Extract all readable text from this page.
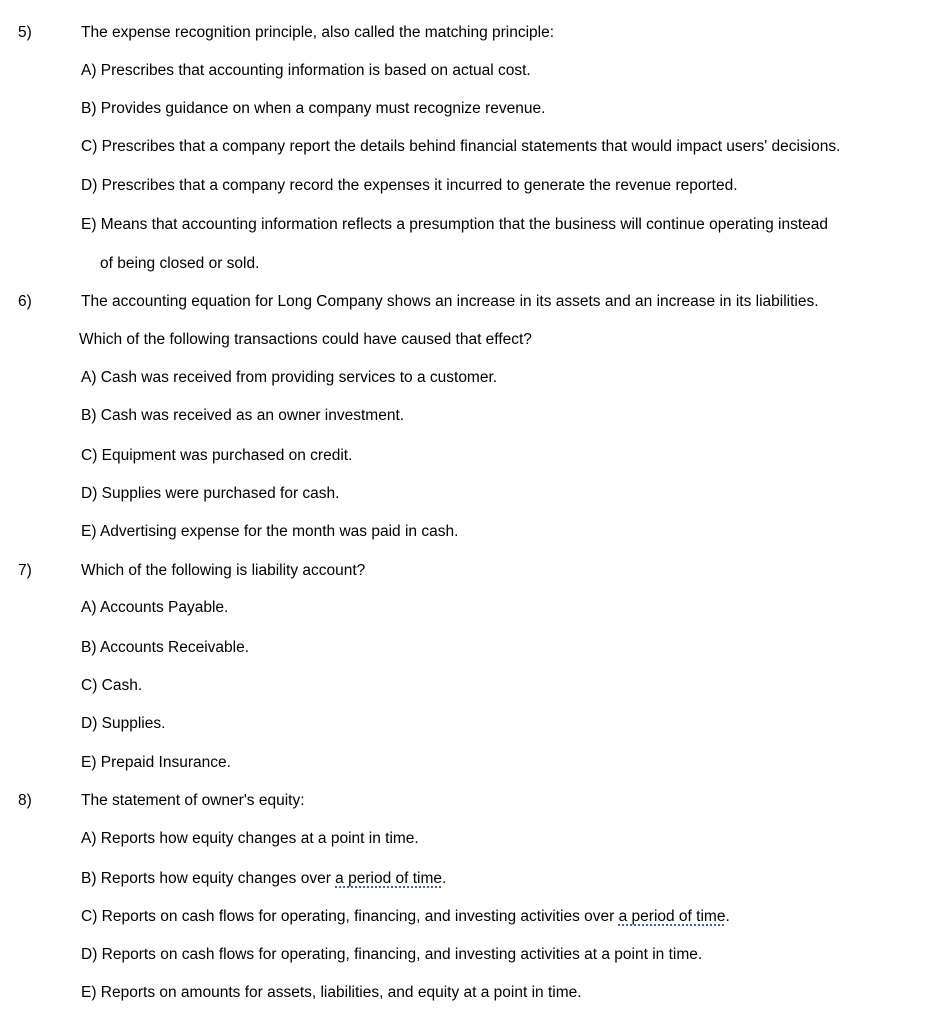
5)	The expense recognition principle, also called the matching principle:
A) Prescribes that accounting information is based on actual cost.
B) Provides guidance on when a company must recognize revenue.
C) Prescribes that a company report the details behind financial statements that would impact users' decisions.
D) Prescribes that a company record the expenses it incurred to generate the revenue reported.
E) Means that accounting information reflects a presumption that the business will continue operating instead
of being closed or sold.
6)	The accounting equation for Long Company shows an increase in its assets and an increase in its liabilities.
Which of the following transactions could have caused that effect?
A) Cash was received from providing services to a customer.
B) Cash was received as an owner investment.
C) Equipment was purchased on credit.
D) Supplies were purchased for cash.
E) Advertising expense for the month was paid in cash.
7)	Which of the following is liability account?
A) Accounts Payable.
B) Accounts Receivable.
C) Cash.
D) Supplies.
E) Prepaid Insurance.
8)	The statement of owner's equity:
A) Reports how equity changes at a point in time.
B) Reports how equity changes over a period of time.
C) Reports on cash flows for operating, financing, and investing activities over a period of time.
D) Reports on cash flows for operating, financing, and investing activities at a point in time.
E) Reports on amounts for assets, liabilities, and equity at a point in time.
